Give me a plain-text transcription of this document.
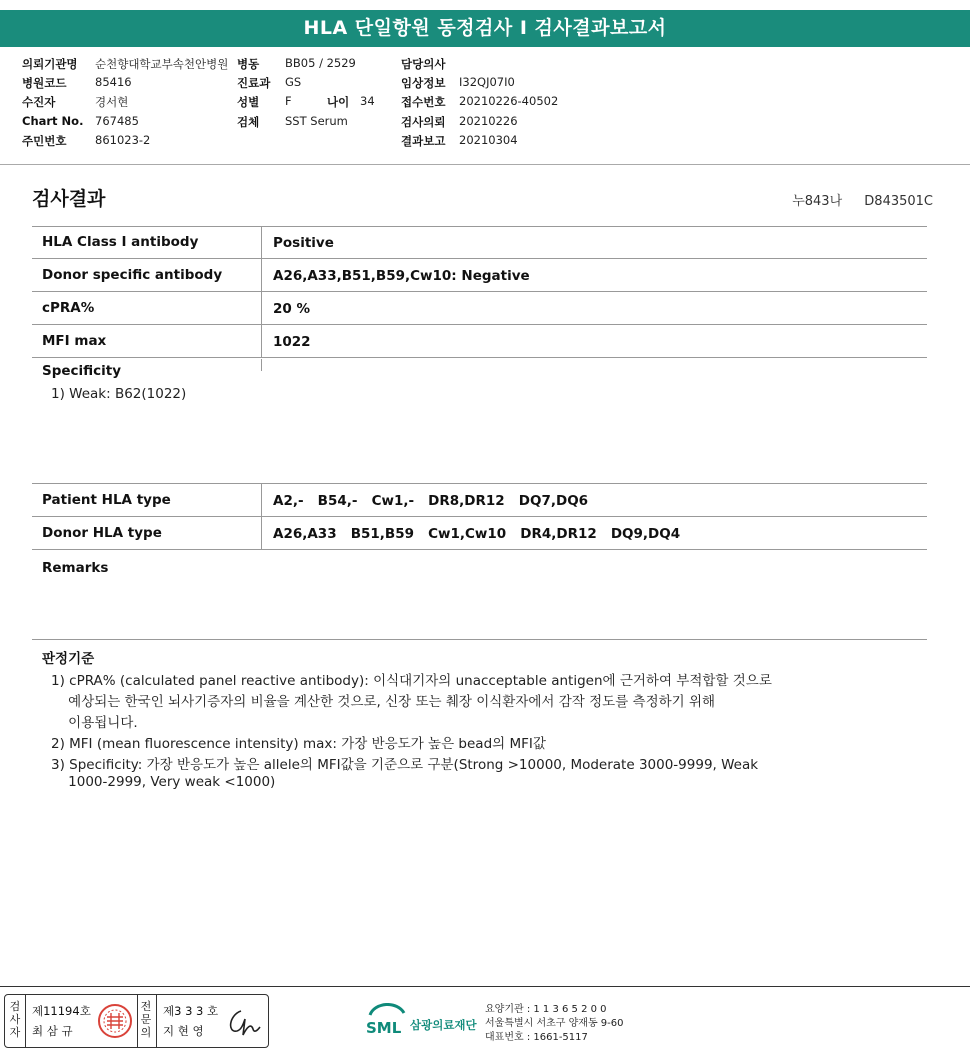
HLA 단일항원 동정검사 I 검사결과보고서
의뢰기관명 순천향대학교부속천안병원
병원코드 85416
수진자	경서현
Chart No. 767485
주민번호 861023-2
병동 BB05 / 2529
진료과 GS
성별 F	나이 34
검체 SST Serum
담당의사
임상정보 I32QJ07I0
접수번호 20210226-40502
검사의뢰 20210226
결과보고 20210304
검사결과	누843나 D843501C
HLA Class I antibody	Positive
Donor specific antibody	A26,A33,B51,B59,Cw10: Negative
cPRA%	20 %
MFI max	1022
Specificity
1) Weak: B62(1022)
Patient HLA type	A2,-   B54,-   Cw1,-   DR8,DR12   DQ7,DQ6
Donor HLA type	A26,A33   B51,B59   Cw1,Cw10   DR4,DR12   DQ9,DQ4
Remarks
판정기준
1) cPRA% (calculated panel reactive antibody): 이식대기자의 unacceptable antigen에 근거하여 부적합할 것으로
예상되는 한국인 뇌사기증자의 비율을 계산한 것으로, 신장 또는 췌장 이식환자에서 감작 정도를 측정하기 위해
이용됩니다.
2) MFI (mean fluorescence intensity) max: 가장 반응도가 높은 bead의 MFI값
3) Specificity: 가장 반응도가 높은 allele의 MFI값을 기준으로 구분(Strong >10000, Moderate 3000-9999, Weak
1000-2999, Very weak <1000)
검사자
제11194호
최 삼 규
전문의
제3 3 3 호
지 현 영	SML 삼광의료재단
요양기관 : 1 1 3 6 5 2 0 0
서울특별시 서초구 양재동 9-60
대표번호 : 1661-5117
